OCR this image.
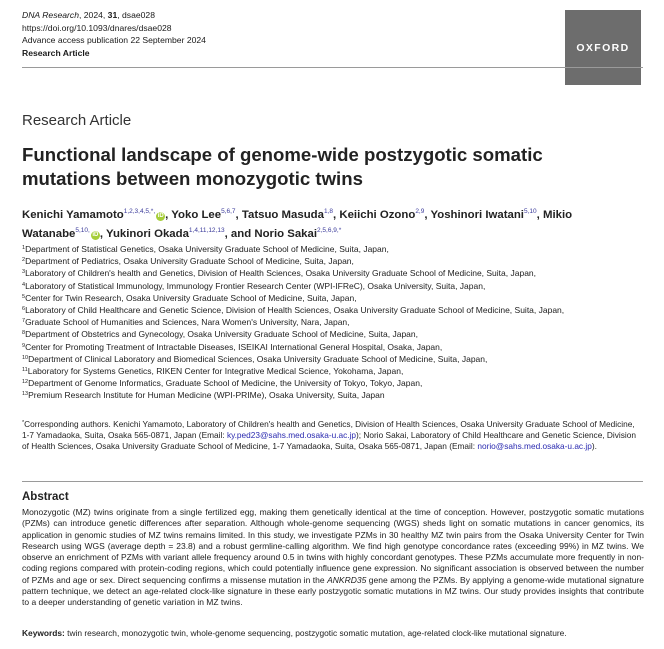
DNA Research, 2024, 31, dsae028
https://doi.org/10.1093/dnares/dsae028
Advance access publication 22 September 2024
Research Article	OXFORD
Research Article
Functional landscape of genome-wide postzygotic somatic mutations between monozygotic twins
Kenichi Yamamoto$^{1,2,3,4,5,*,}$iD , Yoko Lee$^{5,6,7}$, Tatsuo Masuda$^{1,8}$, Keiichi Ozono$^{2,9}$, Yoshinori Iwatani$^{5,10}$, Mikio Watanabe$^{5,10,}$iD , Yukinori Okada$^{1,4,11,12,13}$, and Norio Sakai$^{2,5,6,9,*}$
$^1$Department of Statistical Genetics, Osaka University Graduate School of Medicine, Suita, Japan,
$^2$Department of Pediatrics, Osaka University Graduate School of Medicine, Suita, Japan,
$^3$Laboratory of Children's health and Genetics, Division of Health Sciences, Osaka University Graduate School of Medicine, Suita, Japan,
$^4$Laboratory of Statistical Immunology, Immunology Frontier Research Center (WPI-IFReC), Osaka University, Suita, Japan,
$^5$Center for Twin Research, Osaka University Graduate School of Medicine, Suita, Japan,
$^6$Laboratory of Child Healthcare and Genetic Science, Division of Health Sciences, Osaka University Graduate School of Medicine, Suita, Japan,
$^7$Graduate School of Humanities and Sciences, Nara Women's University, Nara, Japan,
$^8$Department of Obstetrics and Gynecology, Osaka University Graduate School of Medicine, Suita, Japan,
$^9$Center for Promoting Treatment of Intractable Diseases, ISEIKAI International General Hospital, Osaka, Japan,
$^{10}$Department of Clinical Laboratory and Biomedical Sciences, Osaka University Graduate School of Medicine, Suita, Japan,
$^{11}$Laboratory for Systems Genetics, RIKEN Center for Integrative Medical Science, Yokohama, Japan,
$^{12}$Department of Genome Informatics, Graduate School of Medicine, the University of Tokyo, Tokyo, Japan,
$^{13}$Premium Research Institute for Human Medicine (WPI-PRIMe), Osaka University, Suita, Japan
*Corresponding authors. Kenichi Yamamoto, Laboratory of Children's health and Genetics, Division of Health Sciences, Osaka University Graduate School of Medicine, 1-7 Yamadaoka, Suita, Osaka 565-0871, Japan (Email: ky.ped23@sahs.med.osaka-u.ac.jp); Norio Sakai, Laboratory of Child Healthcare and Genetic Science, Division of Health Sciences, Osaka University Graduate School of Medicine, 1-7 Yamadaoka, Suita, Osaka 565-0871, Japan (Email: norio@sahs.med.osaka-u.ac.jp).
Abstract
Monozygotic (MZ) twins originate from a single fertilized egg, making them genetically identical at the time of conception. However, postzygotic somatic mutations (PZMs) can introduce genetic differences after separation. Although whole-genome sequencing (WGS) sheds light on somatic mutations in cancer genomics, its application in genomic studies of MZ twins remains limited. In this study, we investigate PZMs in 30 healthy MZ twin pairs from the Osaka University Center for Twin Research using WGS (average depth = 23.8) and a robust germline-calling algorithm. We find high genotype concordance rates (exceeding 99%) in MZ twins. We observe an enrichment of PZMs with variant allele frequency around 0.5 in twins with highly concordant genotypes. These PZMs accumulate more frequently in non-coding regions compared with protein-coding regions, which could potentially influence gene expression. No significant association is observed between the number of PZMs and age or sex. Direct sequencing confirms a missense mutation in the ANKRD35 gene among the PZMs. By applying a genome-wide mutational signature pattern technique, we detect an age-related clock-like signature in these early postzygotic somatic mutations in MZ twins. Our study provides insights that contribute to a deeper understanding of genetic variation in MZ twins.
Keywords: twin research, monozygotic twin, whole-genome sequencing, postzygotic somatic mutation, age-related clock-like mutational signature.
